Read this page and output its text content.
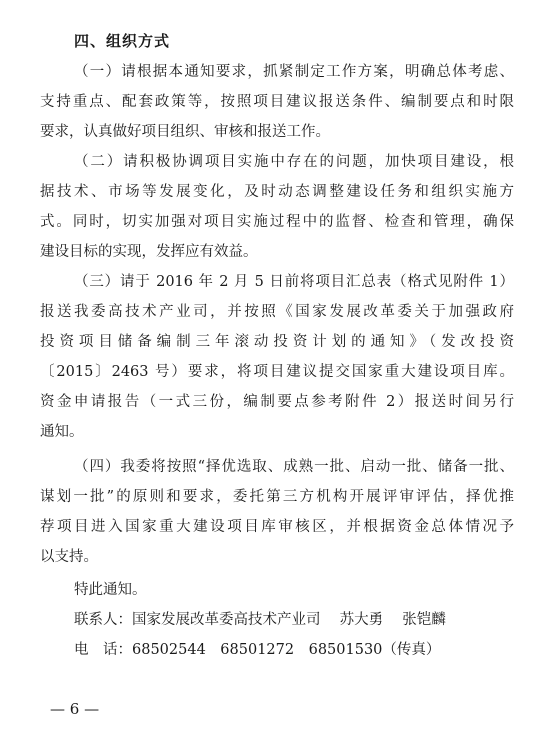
四、组织方式
（一）请根据本通知要求，抓紧制定工作方案，明确总体考虑、
支持重点、配套政策等，按照项目建议报送条件、编制要点和时限
要求，认真做好项目组织、审核和报送工作。
（二）请积极协调项目实施中存在的问题，加快项目建设，根
据技术、市场等发展变化，及时动态调整建设任务和组织实施方
式。同时，切实加强对项目实施过程中的监督、检查和管理，确保
建设目标的实现，发挥应有效益。
（三）请于 2016 年 2 月 5 日前将项目汇总表（格式见附件 1）
报送我委高技术产业司，并按照《国家发展改革委关于加强政府
投资项目储备编制三年滚动投资计划的通知》（发改投资
〔2015〕2463 号）要求，将项目建议提交国家重大建设项目库。
资金申请报告（一式三份，编制要点参考附件 2）报送时间另行
通知。
（四）我委将按照“择优选取、成熟一批、启动一批、储备一批、
谋划一批”的原则和要求，委托第三方机构开展评审评估，择优推
荐项目进入国家重大建设项目库审核区，并根据资金总体情况予
以支持。
特此通知。
联系人：国家发展改革委高技术产业司　 苏大勇　 张铠麟
电　话：68502544　68501272　68501530（传真）
— 6 —
